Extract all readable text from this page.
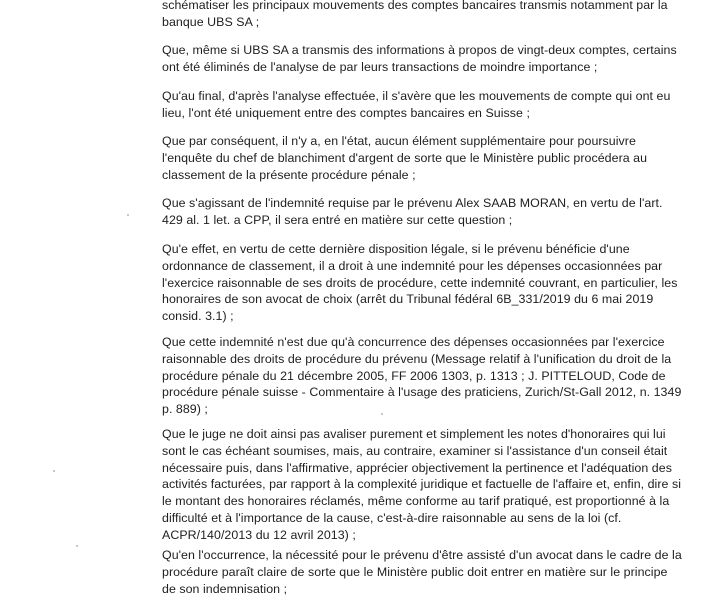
schématiser les principaux mouvements des comptes bancaires transmis notamment par la
banque UBS SA ;
Que, même si UBS SA a transmis des informations à propos de vingt-deux comptes, certains
ont été éliminés de l'analyse de par leurs transactions de moindre importance ;
Qu'au final, d'après l'analyse effectuée, il s'avère que les mouvements de compte qui ont eu
lieu, l'ont été uniquement entre des comptes bancaires en Suisse ;
Que par conséquent, il n'y a, en l'état, aucun élément supplémentaire pour poursuivre
l'enquête du chef de blanchiment d'argent de sorte que le Ministère public procédera au
classement de la présente procédure pénale ;
Que s'agissant de l'indemnité requise par le prévenu Alex SAAB MORAN, en vertu de l'art.
429 al. 1 let. a CPP, il sera entré en matière sur cette question ;
Qu'e effet, en vertu de cette dernière disposition légale, si le prévenu bénéficie d'une
ordonnance de classement, il a droit à une indemnité pour les dépenses occasionnées par
l'exercice raisonnable de ses droits de procédure, cette indemnité couvrant, en particulier, les
honoraires de son avocat de choix (arrêt du Tribunal fédéral 6B_331/2019 du 6 mai 2019
consid. 3.1) ;
Que cette indemnité n'est due qu'à concurrence des dépenses occasionnées par l'exercice
raisonnable des droits de procédure du prévenu (Message relatif à l'unification du droit de la
procédure pénale du 21 décembre 2005, FF 2006 1303, p. 1313 ; J. PITTELOUD, Code de
procédure pénale suisse - Commentaire à l'usage des praticiens, Zurich/St-Gall 2012, n. 1349
p. 889) ;
Que le juge ne doit ainsi pas avaliser purement et simplement les notes d'honoraires qui lui
sont le cas échéant soumises, mais, au contraire, examiner si l'assistance d'un conseil était
nécessaire puis, dans l'affirmative, apprécier objectivement la pertinence et l'adéquation des
activités facturées, par rapport à la complexité juridique et factuelle de l'affaire et, enfin, dire si
le montant des honoraires réclamés, même conforme au tarif pratiqué, est proportionné à la
difficulté et à l'importance de la cause, c'est-à-dire raisonnable au sens de la loi (cf.
ACPR/140/2013 du 12 avril 2013) ;
Qu'en l'occurrence, la nécessité pour le prévenu d'être assisté d'un avocat dans le cadre de la
procédure paraît claire de sorte que le Ministère public doit entrer en matière sur le principe
de son indemnisation ;
